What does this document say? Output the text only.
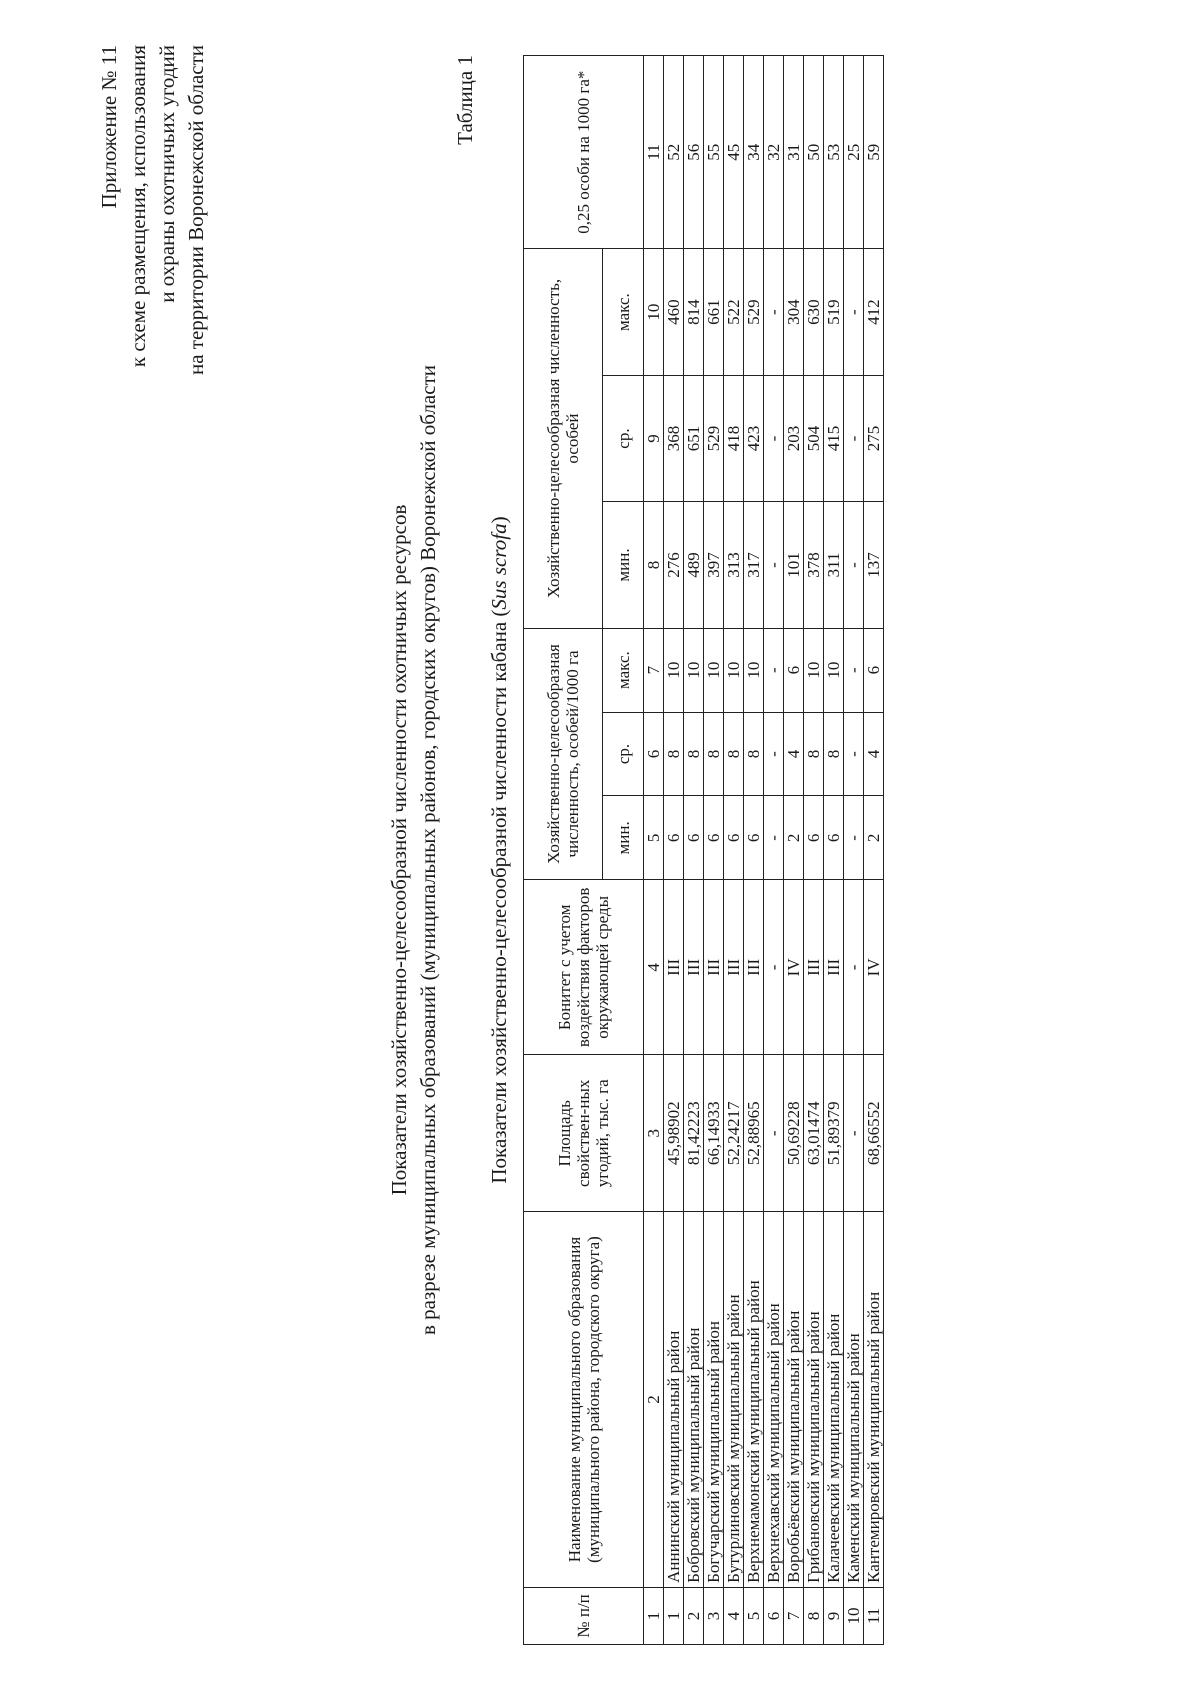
Приложение № 11 к схеме размещения, использования и охраны охотничьих угодий на территории Воронежской области
Показатели хозяйственно-целесообразной численности охотничьих ресурсов в разрезе муниципальных образований (муниципальных районов, городских округов) Воронежской области
Таблица 1
Показатели хозяйственно-целесообразной численности кабана (Sus scrofa)
№ п/п	Наименование муниципального образования (муниципального района, городского округа)	Площадь свойствен-ных угодий, тыс. га	Бонитет с учетом воздействия факторов окружающей среды	Хозяйственно-целесообразная численность, особей/1000 га			Хозяйственно-целесообразная численность, особей			0,25 особи на 1000 га*
				мин.	ср.	макс.	мин.	ср.	макс.	
1	2	3	4	5	6	7	8	9	10	11
1	Аннинский муниципальный район	45,98902	III	6	8	10	276	368	460	52
2	Бобровский муниципальный район	81,42223	III	6	8	10	489	651	814	56
3	Богучарский муниципальный район	66,14933	III	6	8	10	397	529	661	55
4	Бутурлиновский муниципальный район	52,24217	III	6	8	10	313	418	522	45
5	Верхнемамонский муниципальный район	52,88965	III	6	8	10	317	423	529	34
6	Верхнехавский муниципальный район	-	-	-	-	-	-	-	-	32
7	Воробьёвский муниципальный район	50,69228	IV	2	4	6	101	203	304	31
8	Грибановский муниципальный район	63,01474	III	6	8	10	378	504	630	50
9	Калачеевский муниципальный район	51,89379	III	6	8	10	311	415	519	53
10	Каменский муниципальный район	-	-	-	-	-	-	-	-	25
11	Кантемировский муниципальный район	68,66552	IV	2	4	6	137	275	412	59
